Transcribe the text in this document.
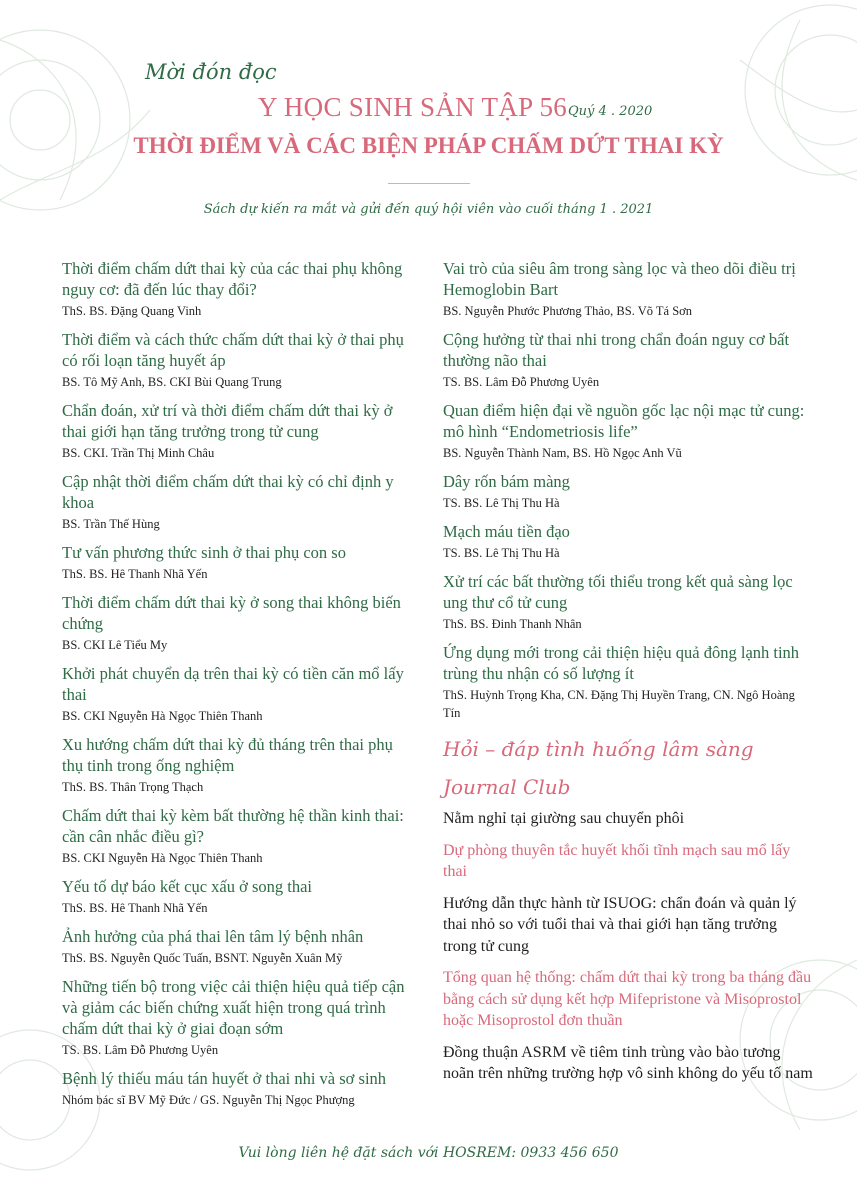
Mời đón đọc
Y HỌC SINH SẢN TẬP 56 Quý 4 . 2020
THỜI ĐIỂM VÀ CÁC BIỆN PHÁP CHẤM DỨT THAI KỲ
Sách dự kiến ra mắt và gửi đến quý hội viên vào cuối tháng 1 . 2021
Thời điểm chấm dứt thai kỳ của các thai phụ không nguy cơ: đã đến lúc thay đổi?
ThS. BS. Đặng Quang Vinh
Thời điểm và cách thức chấm dứt thai kỳ ở thai phụ có rối loạn tăng huyết áp
BS. Tô Mỹ Anh, BS. CKI Bùi Quang Trung
Chẩn đoán, xử trí và thời điểm chấm dứt thai kỳ ở thai giới hạn tăng trưởng trong tử cung
BS. CKI. Trần Thị Minh Châu
Cập nhật thời điểm chấm dứt thai kỳ có chỉ định y khoa
BS. Trần Thế Hùng
Tư vấn phương thức sinh ở thai phụ con so
ThS. BS. Hê Thanh Nhã Yến
Thời điểm chấm dứt thai kỳ ở song thai không biến chứng
BS. CKI Lê Tiểu My
Khởi phát chuyển dạ trên thai kỳ có tiền căn mổ lấy thai
BS. CKI Nguyễn Hà Ngọc Thiên Thanh
Xu hướng chấm dứt thai kỳ đủ tháng trên thai phụ thụ tinh trong ống nghiệm
ThS. BS. Thân Trọng Thạch
Chấm dứt thai kỳ kèm bất thường hệ thần kinh thai: cần cân nhắc điều gì?
BS. CKI Nguyễn Hà Ngọc Thiên Thanh
Yếu tố dự báo kết cục xấu ở song thai
ThS. BS. Hê Thanh Nhã Yến
Ảnh hưởng của phá thai lên tâm lý bệnh nhân
ThS. BS. Nguyễn Quốc Tuấn, BSNT. Nguyễn Xuân Mỹ
Những tiến bộ trong việc cải thiện hiệu quả tiếp cận và giảm các biến chứng xuất hiện trong quá trình chấm dứt thai kỳ ở giai đoạn sớm
TS. BS. Lâm Đỗ Phương Uyên
Bệnh lý thiếu máu tán huyết ở thai nhi và sơ sinh
Nhóm bác sĩ BV Mỹ Đức / GS. Nguyễn Thị Ngọc Phượng
Vai trò của siêu âm trong sàng lọc và theo dõi điều trị Hemoglobin Bart
BS. Nguyễn Phước Phương Thảo, BS. Võ Tá Sơn
Cộng hưởng từ thai nhi trong chẩn đoán nguy cơ bất thường não thai
TS. BS. Lâm Đỗ Phương Uyên
Quan điểm hiện đại về nguồn gốc lạc nội mạc tử cung: mô hình “Endometriosis life”
BS. Nguyễn Thành Nam, BS. Hồ Ngọc Anh Vũ
Dây rốn bám màng
TS. BS. Lê Thị Thu Hà
Mạch máu tiền đạo
TS. BS. Lê Thị Thu Hà
Xử trí các bất thường tối thiểu trong kết quả sàng lọc ung thư cổ tử cung
ThS. BS. Đinh Thanh Nhân
Ứng dụng mới trong cải thiện hiệu quả đông lạnh tinh trùng thu nhận có số lượng ít
ThS. Huỳnh Trọng Kha, CN. Đặng Thị Huyền Trang, CN. Ngô Hoàng Tín
Hỏi – đáp tình huống lâm sàng
Journal Club
Nằm nghỉ tại giường sau chuyển phôi
Dự phòng thuyên tắc huyết khối tĩnh mạch sau mổ lấy thai
Hướng dẫn thực hành từ ISUOG: chẩn đoán và quản lý thai nhỏ so với tuổi thai và thai giới hạn tăng trưởng trong tử cung
Tổng quan hệ thống: chấm dứt thai kỳ trong ba tháng đầu bằng cách sử dụng kết hợp Mifepristone và Misoprostol hoặc Misoprostol đơn thuần
Đồng thuận ASRM về tiêm tinh trùng vào bào tương noãn trên những trường hợp vô sinh không do yếu tố nam
Vui lòng liên hệ đặt sách với HOSREM: 0933 456 650
